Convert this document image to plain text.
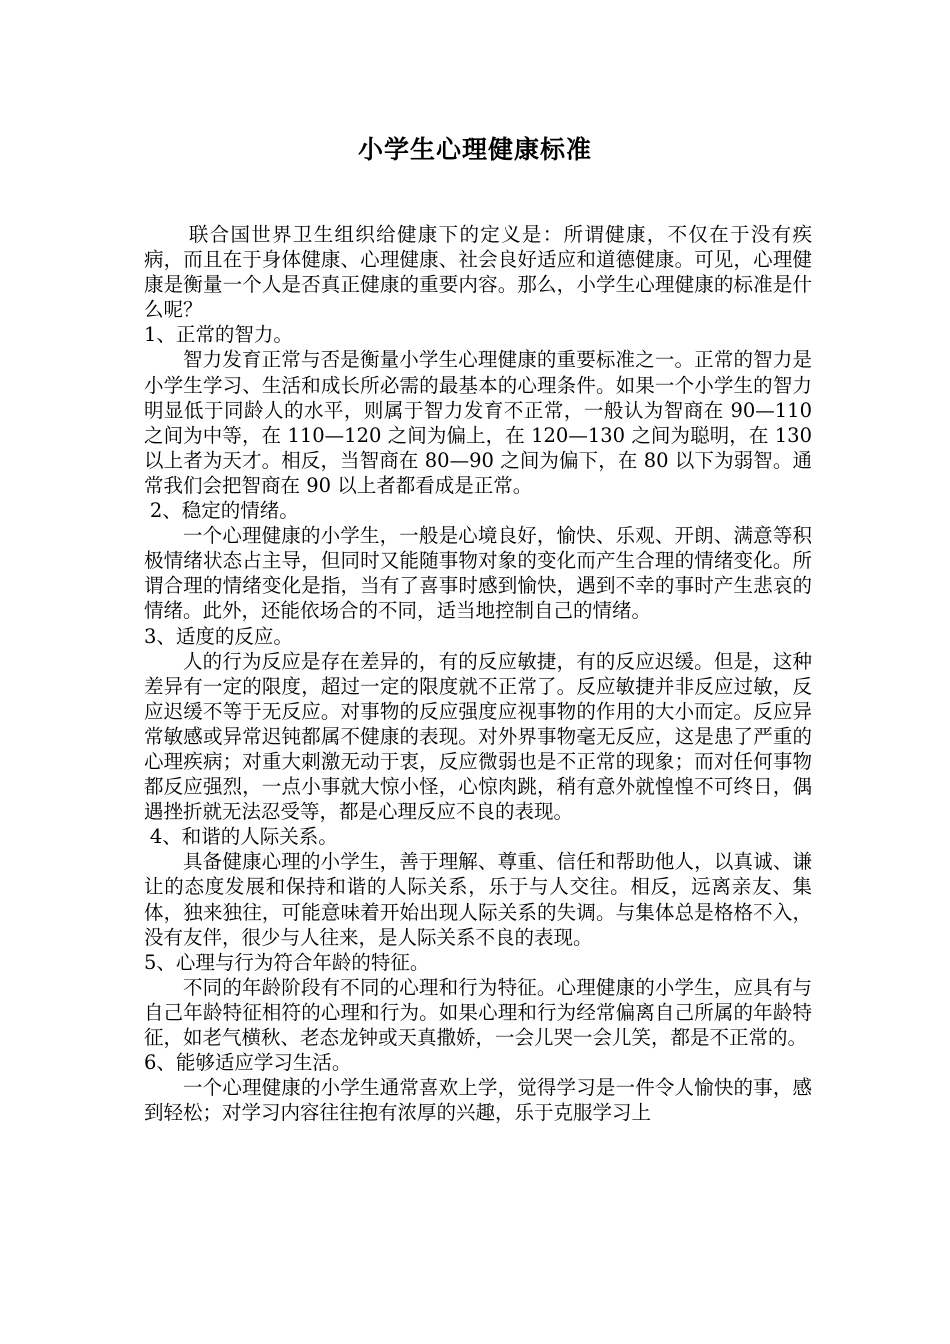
小学生心理健康标准

联合国世界卫生组织给健康下的定义是：所谓健康，不仅在于没有疾病，而且在于身体健康、心理健康、社会良好适应和道德健康。可见，心理健康是衡量一个人是否真正健康的重要内容。那么，小学生心理健康的标准是什么呢？

1、正常的智力。

智力发育正常与否是衡量小学生心理健康的重要标准之一。正常的智力是小学生学习、生活和成长所必需的最基本的心理条件。如果一个小学生的智力明显低于同龄人的水平，则属于智力发育不正常，一般认为智商在 90—110 之间为中等，在 110—120 之间为偏上，在 120—130 之间为聪明，在 130 以上者为天才。相反，当智商在 80—90 之间为偏下，在 80 以下为弱智。通常我们会把智商在 90 以上者都看成是正常。

2、稳定的情绪。

一个心理健康的小学生，一般是心境良好，愉快、乐观、开朗、满意等积极情绪状态占主导，但同时又能随事物对象的变化而产生合理的情绪变化。所谓合理的情绪变化是指，当有了喜事时感到愉快，遇到不幸的事时产生悲哀的情绪。此外，还能依场合的不同，适当地控制自己的情绪。

3、适度的反应。

人的行为反应是存在差异的，有的反应敏捷，有的反应迟缓。但是，这种差异有一定的限度，超过一定的限度就不正常了。反应敏捷并非反应过敏，反应迟缓不等于无反应。对事物的反应强度应视事物的作用的大小而定。反应异常敏感或异常迟钝都属不健康的表现。对外界事物毫无反应，这是患了严重的心理疾病；对重大刺激无动于衷，反应微弱也是不正常的现象；而对任何事物都反应强烈，一点小事就大惊小怪，心惊肉跳，稍有意外就惶惶不可终日，偶遇挫折就无法忍受等，都是心理反应不良的表现。

4、和谐的人际关系。

具备健康心理的小学生，善于理解、尊重、信任和帮助他人，以真诚、谦让的态度发展和保持和谐的人际关系，乐于与人交往。相反，远离亲友、集体，独来独往，可能意味着开始出现人际关系的失调。与集体总是格格不入，没有友伴，很少与人往来，是人际关系不良的表现。

5、心理与行为符合年龄的特征。

不同的年龄阶段有不同的心理和行为特征。心理健康的小学生，应具有与自己年龄特征相符的心理和行为。如果心理和行为经常偏离自己所属的年龄特征，如老气横秋、老态龙钟或天真撒娇，一会儿哭一会儿笑，都是不正常的。

6、能够适应学习生活。

一个心理健康的小学生通常喜欢上学，觉得学习是一件令人愉快的事，感到轻松；对学习内容往往抱有浓厚的兴趣，乐于克服学习上
